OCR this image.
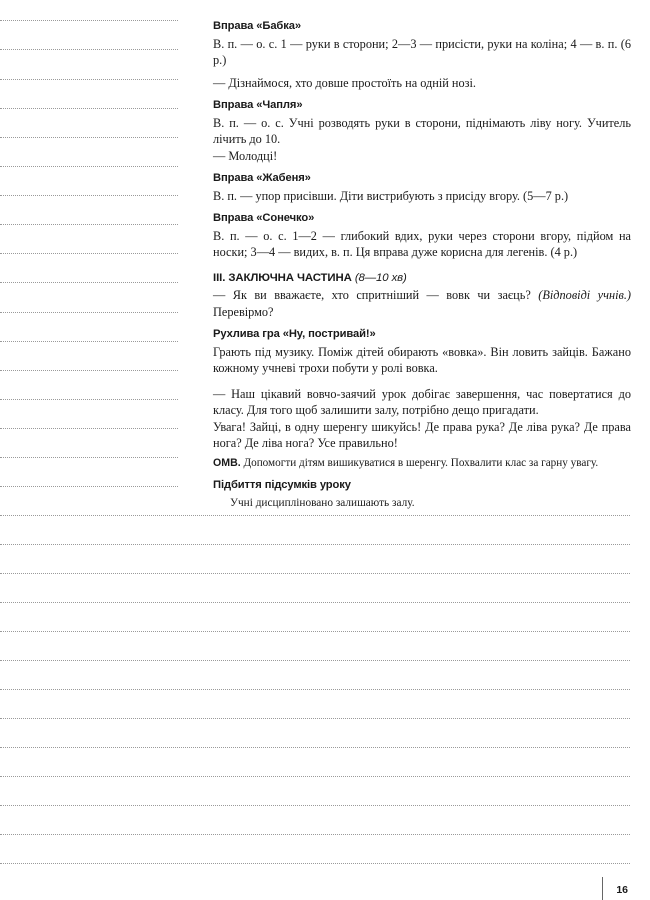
Вправа «Бабка»

В. п. — о. с. 1 — руки в сторони; 2—3 — присісти, руки на коліна; 4 — в. п. (6 р.)

— Дізнаймося, хто довше простоїть на одній нозі.

Вправа «Чапля»

В. п. — о. с. Учні розводять руки в сторони, піднімають ліву ногу. Учитель лічить до 10.

— Молодці!

Вправа «Жабеня»

В. п. — упор присівши. Діти вистрибують з присіду вгору. (5—7 р.)

Вправа «Сонечко»

В. п. — о. с. 1—2 — глибокий вдих, руки через сторони вгору, підйом на носки; 3—4 — видих, в. п. Ця вправа дуже корисна для легенів. (4 р.)

ІІІ. ЗАКЛЮЧНА ЧАСТИНА (8—10 хв)

— Як ви вважаєте, хто спритніший — вовк чи заєць? (Відповіді учнів.) Перевірмо?

Рухлива гра «Ну, постривай!»

Грають під музику. Поміж дітей обирають «вовка». Він ловить зайців. Бажано кожному учневі трохи побути у ролі вовка.

— Наш цікавий вовчо-заячий урок добігає завершення, час повертатися до класу. Для того щоб залишити залу, потрібно дещо пригадати.

Увага! Зайці, в одну шеренгу шикуйсь! Де права рука? Де ліва рука? Де права нога? Де ліва нога? Усе правильно!

ОМВ. Допомогти дітям вишикуватися в шеренгу. Похвалити клас за гарну увагу.

Підбиття підсумків уроку

Учні дисципліновано залишають залу.

16
